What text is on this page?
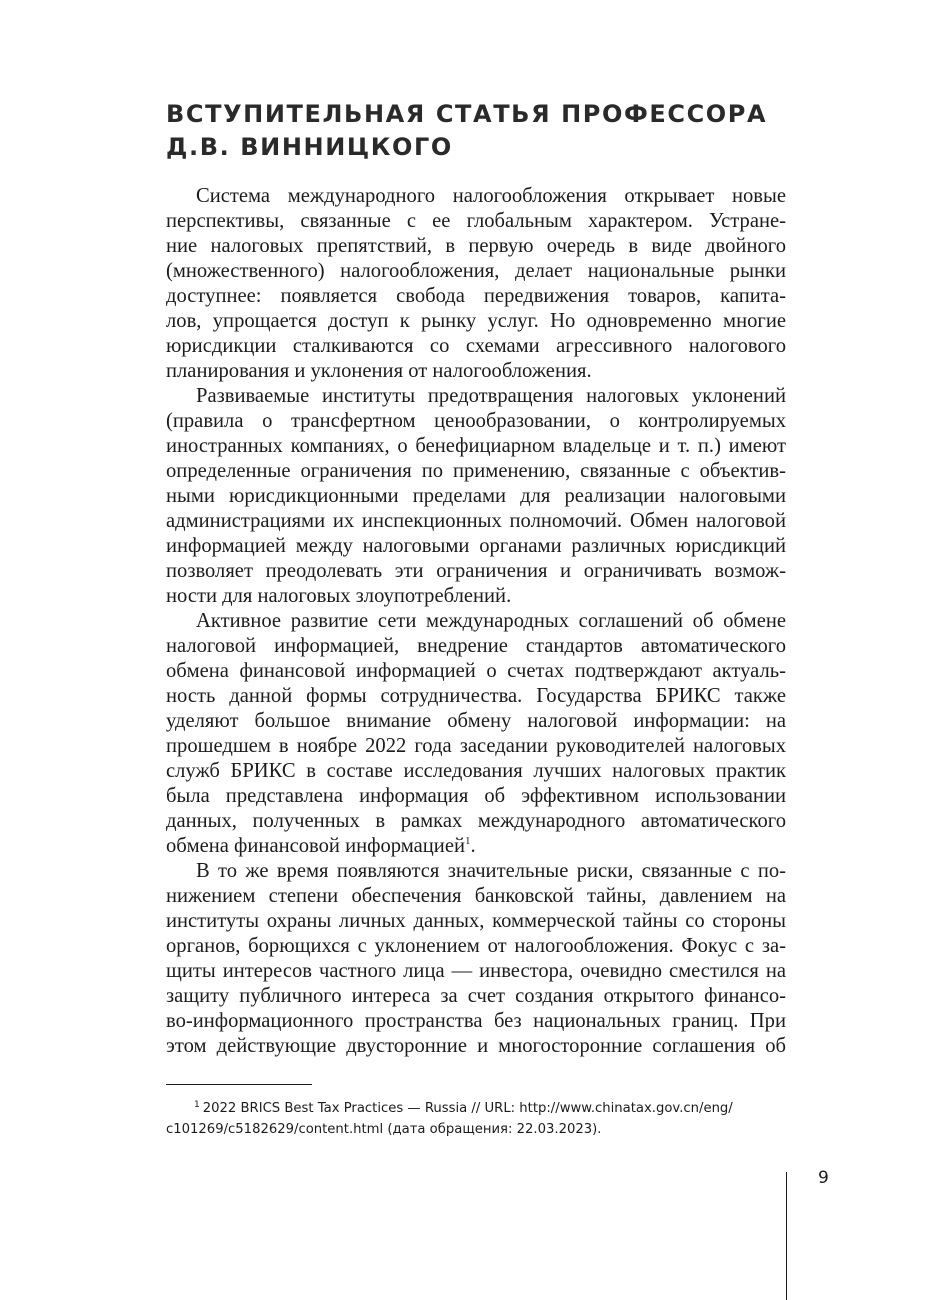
ВСТУПИТЕЛЬНАЯ СТАТЬЯ ПРОФЕССОРА
Д.В. ВИННИЦКОГО

Система международного налогообложения открывает новые
перспективы, связанные с ее глобальным характером. Устране-
ние налоговых препятствий, в первую очередь в виде двойного
(множественного) налогообложения, делает национальные рынки
доступнее: появляется свобода передвижения товаров, капита-
лов, упрощается доступ к рынку услуг. Но одновременно многие
юрисдикции сталкиваются со схемами агрессивного налогового
планирования и уклонения от налогообложения.

Развиваемые институты предотвращения налоговых уклонений
(правила о трансфертном ценообразовании, о контролируемых
иностранных компаниях, о бенефициарном владельце и т. п.) имеют
определенные ограничения по применению, связанные с объектив-
ными юрисдикционными пределами для реализации налоговыми
администрациями их инспекционных полномочий. Обмен налоговой
информацией между налоговыми органами различных юрисдикций
позволяет преодолевать эти ограничения и ограничивать возмож-
ности для налоговых злоупотреблений.

Активное развитие сети международных соглашений об обмене
налоговой информацией, внедрение стандартов автоматического
обмена финансовой информацией о счетах подтверждают актуаль-
ность данной формы сотрудничества. Государства БРИКС также
уделяют большое внимание обмену налоговой информации: на
прошедшем в ноябре 2022 года заседании руководителей налоговых
служб БРИКС в составе исследования лучших налоговых практик
была представлена информация об эффективном использовании
данных, полученных в рамках международного автоматического
обмена финансовой информацией$^1$.

В то же время появляются значительные риски, связанные с по-
нижением степени обеспечения банковской тайны, давлением на
институты охраны личных данных, коммерческой тайны со стороны
органов, борющихся с уклонением от налогообложения. Фокус с за-
щиты интересов частного лица — инвестора, очевидно сместился на
защиту публичного интереса за счет создания открытого финансо-
во-информационного пространства без национальных границ. При
этом действующие двусторонние и многосторонние соглашения об

$^1$ 2022 BRICS Best Tax Practices — Russia // URL: http://www.chinatax.gov.cn/eng/
c101269/c5182629/content.html (дата обращения: 22.03.2023).
9
